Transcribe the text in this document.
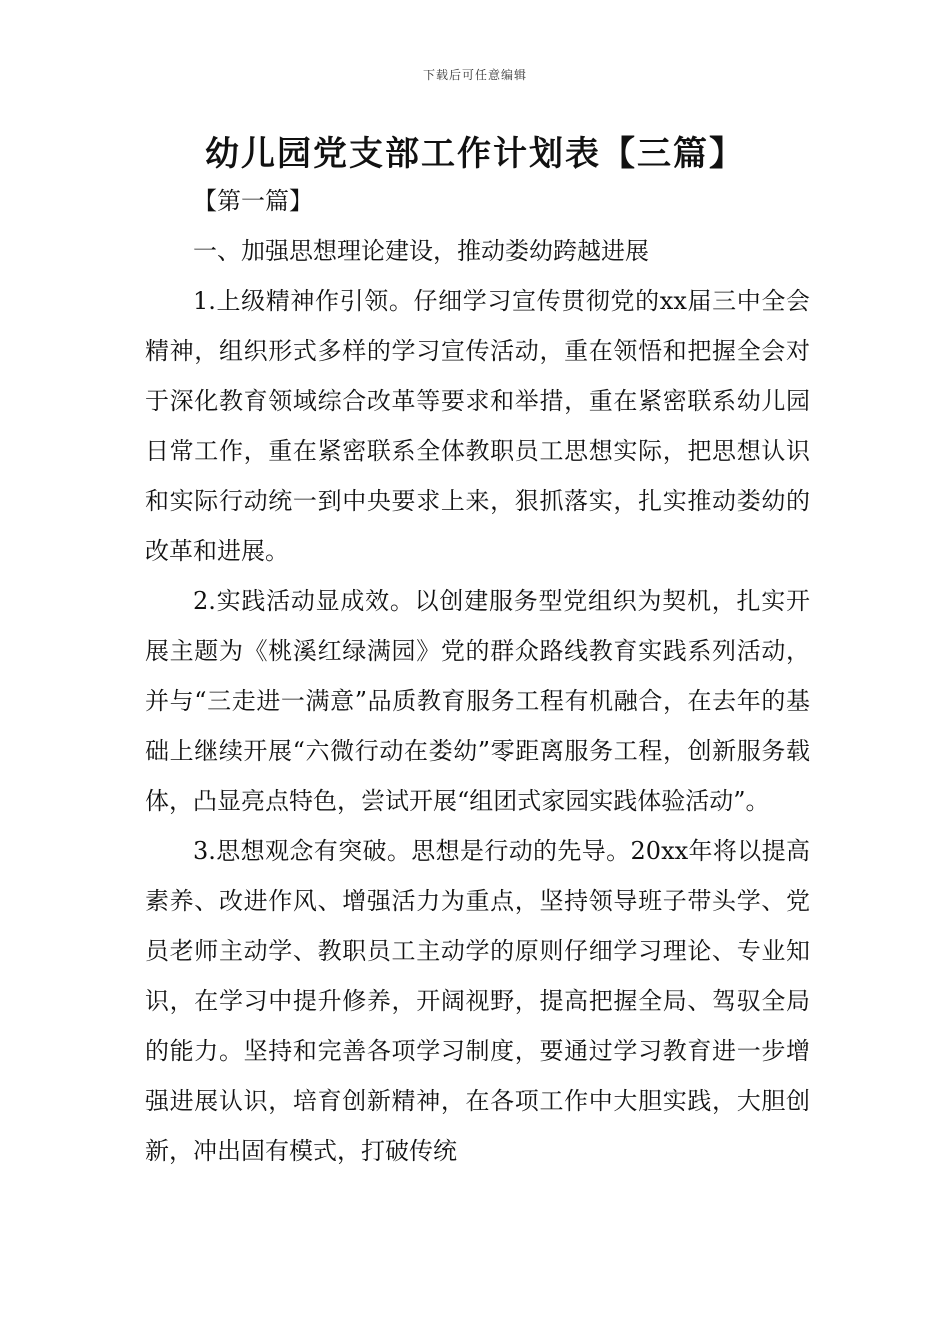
下载后可任意编辑
幼儿园党支部工作计划表【三篇】

【第一篇】

一、加强思想理论建设，推动娄幼跨越进展

1.上级精神作引领。仔细学习宣传贯彻党的xx届三中全会精神，组织形式多样的学习宣传活动，重在领悟和把握全会对于深化教育领域综合改革等要求和举措，重在紧密联系幼儿园日常工作，重在紧密联系全体教职员工思想实际，把思想认识和实际行动统一到中央要求上来，狠抓落实，扎实推动娄幼的改革和进展。

2.实践活动显成效。以创建服务型党组织为契机，扎实开展主题为《桃溪红绿满园》党的群众路线教育实践系列活动，并与“三走进一满意”品质教育服务工程有机融合，在去年的基础上继续开展“六微行动在娄幼”零距离服务工程，创新服务载体，凸显亮点特色，尝试开展“组团式家园实践体验活动”。

3.思想观念有突破。思想是行动的先导。20xx年将以提高素养、改进作风、增强活力为重点，坚持领导班子带头学、党员老师主动学、教职员工主动学的原则仔细学习理论、专业知识，在学习中提升修养，开阔视野，提高把握全局、驾驭全局的能力。坚持和完善各项学习制度，要通过学习教育进一步增强进展认识，培育创新精神，在各项工作中大胆实践，大胆创新，冲出固有模式，打破传统
